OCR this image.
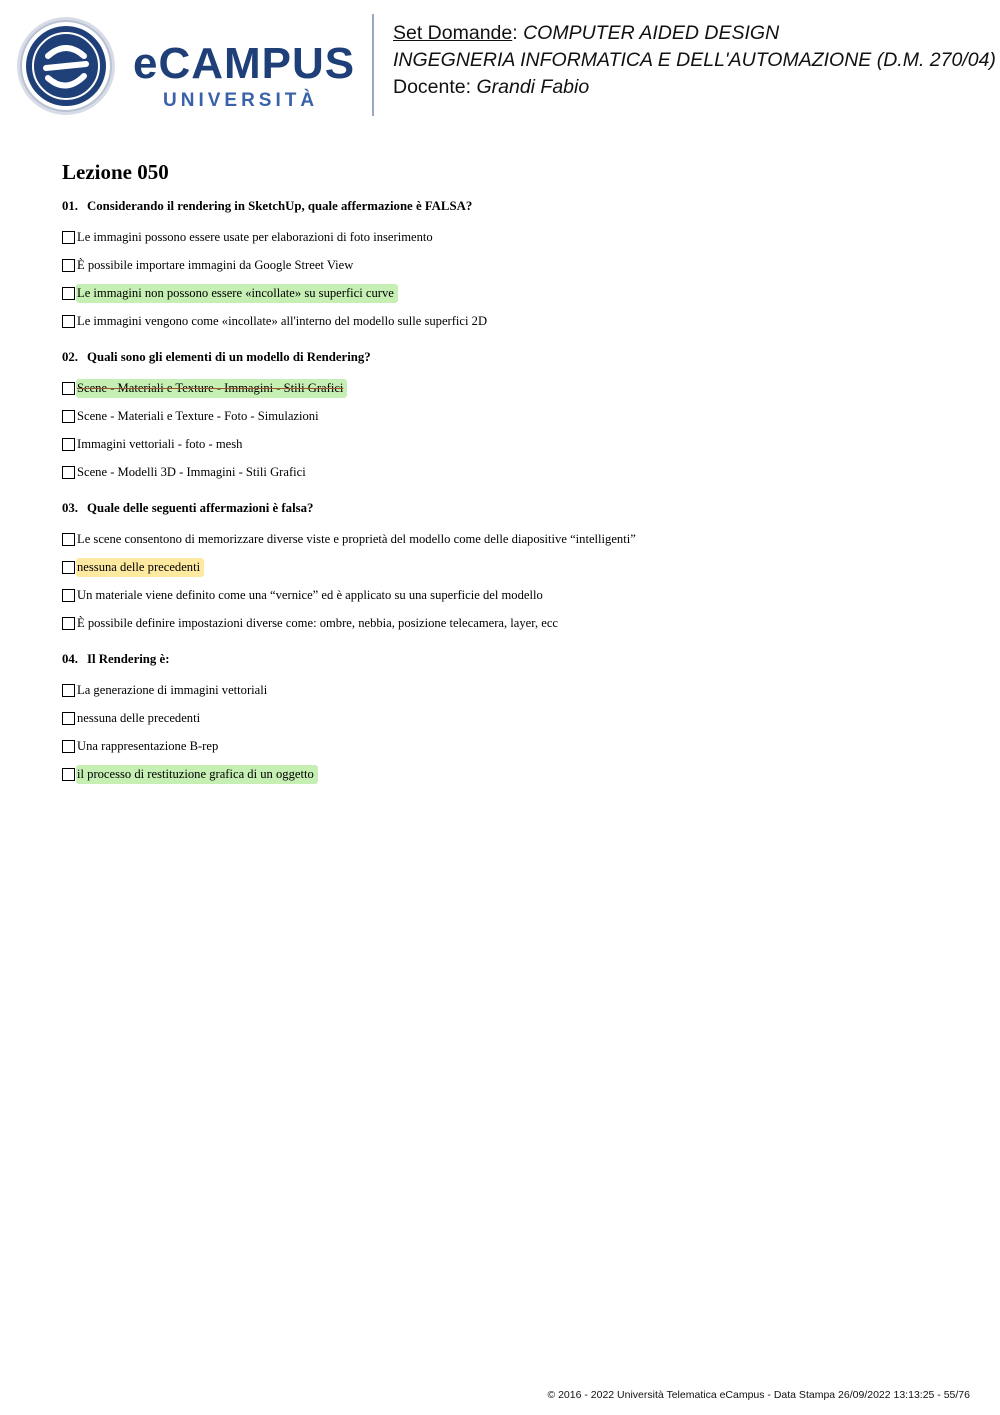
eCAMPUS
UNIVERSITÀ
Set Domande: COMPUTER AIDED DESIGN
INGEGNERIA INFORMATICA E DELL'AUTOMAZIONE (D.M. 270/04)
Docente: Grandi Fabio
Lezione 050
01. Considerando il rendering in SketchUp, quale affermazione è FALSA?
Le immagini possono essere usate per elaborazioni di foto inserimento
È possibile importare immagini da Google Street View
Le immagini non possono essere «incollate» su superfici curve
Le immagini vengono come «incollate» all'interno del modello sulle superfici 2D
02. Quali sono gli elementi di un modello di Rendering?
Scene - Materiali e Texture - Immagini - Stili Grafici
Scene - Materiali e Texture - Foto - Simulazioni
Immagini vettoriali - foto - mesh
Scene - Modelli 3D - Immagini - Stili Grafici
03. Quale delle seguenti affermazioni è falsa?
Le scene consentono di memorizzare diverse viste e proprietà del modello come delle diapositive “intelligenti”
nessuna delle precedenti
Un materiale viene definito come una “vernice” ed è applicato su una superficie del modello
È possibile definire impostazioni diverse come: ombre, nebbia, posizione telecamera, layer, ecc
04. Il Rendering è:
La generazione di immagini vettoriali
nessuna delle precedenti
Una rappresentazione B-rep
il processo di restituzione grafica di un oggetto
© 2016 - 2022 Università Telematica eCampus - Data Stampa 26/09/2022 13:13:25 - 55/76
